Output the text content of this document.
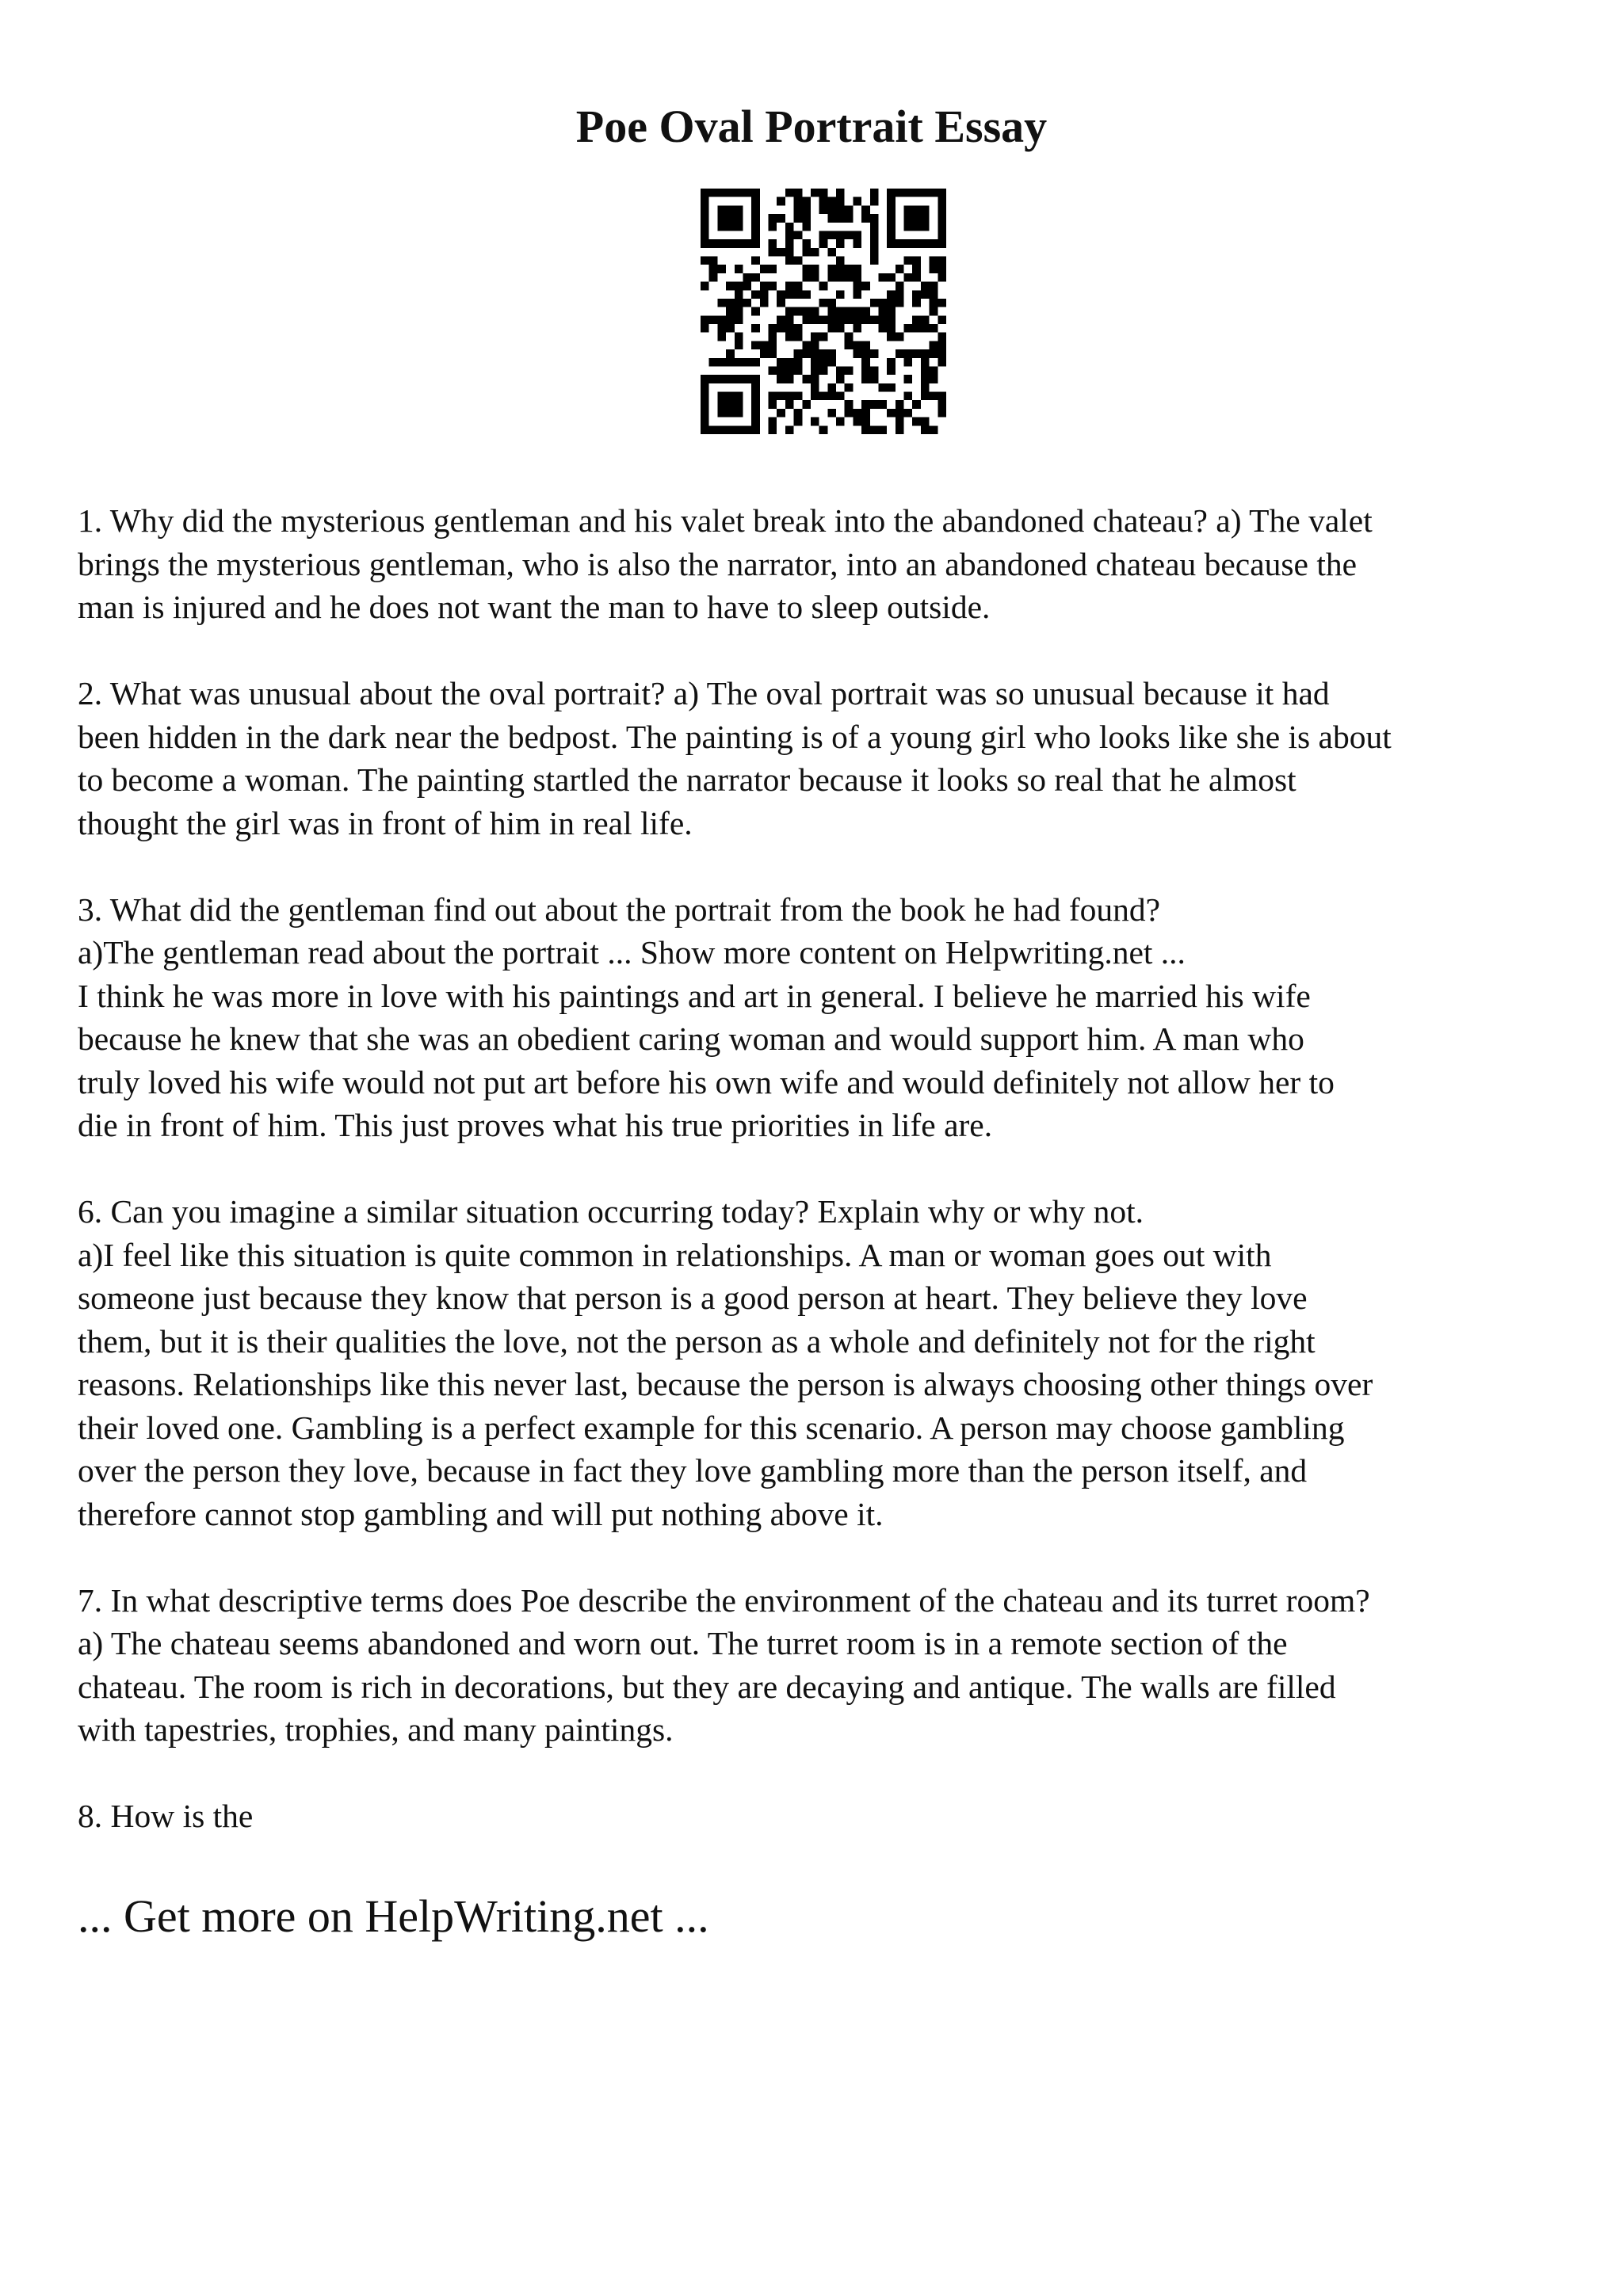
Poe Oval Portrait Essay

1. Why did the mysterious gentleman and his valet break into the abandoned chateau? a) The valet
brings the mysterious gentleman, who is also the narrator, into an abandoned chateau because the
man is injured and he does not want the man to have to sleep outside.

2. What was unusual about the oval portrait? a) The oval portrait was so unusual because it had
been hidden in the dark near the bedpost. The painting is of a young girl who looks like she is about
to become a woman. The painting startled the narrator because it looks so real that he almost
thought the girl was in front of him in real life.

3. What did the gentleman find out about the portrait from the book he had found?
a)The gentleman read about the portrait ... Show more content on Helpwriting.net ...
I think he was more in love with his paintings and art in general. I believe he married his wife
because he knew that she was an obedient caring woman and would support him. A man who
truly loved his wife would not put art before his own wife and would definitely not allow her to
die in front of him. This just proves what his true priorities in life are.

6. Can you imagine a similar situation occurring today? Explain why or why not.
a)I feel like this situation is quite common in relationships. A man or woman goes out with
someone just because they know that person is a good person at heart. They believe they love
them, but it is their qualities the love, not the person as a whole and definitely not for the right
reasons. Relationships like this never last, because the person is always choosing other things over
their loved one. Gambling is a perfect example for this scenario. A person may choose gambling
over the person they love, because in fact they love gambling more than the person itself, and
therefore cannot stop gambling and will put nothing above it.

7. In what descriptive terms does Poe describe the environment of the chateau and its turret room?
a) The chateau seems abandoned and worn out. The turret room is in a remote section of the
chateau. The room is rich in decorations, but they are decaying and antique. The walls are filled
with tapestries, trophies, and many paintings.

8. How is the

... Get more on HelpWriting.net ...
